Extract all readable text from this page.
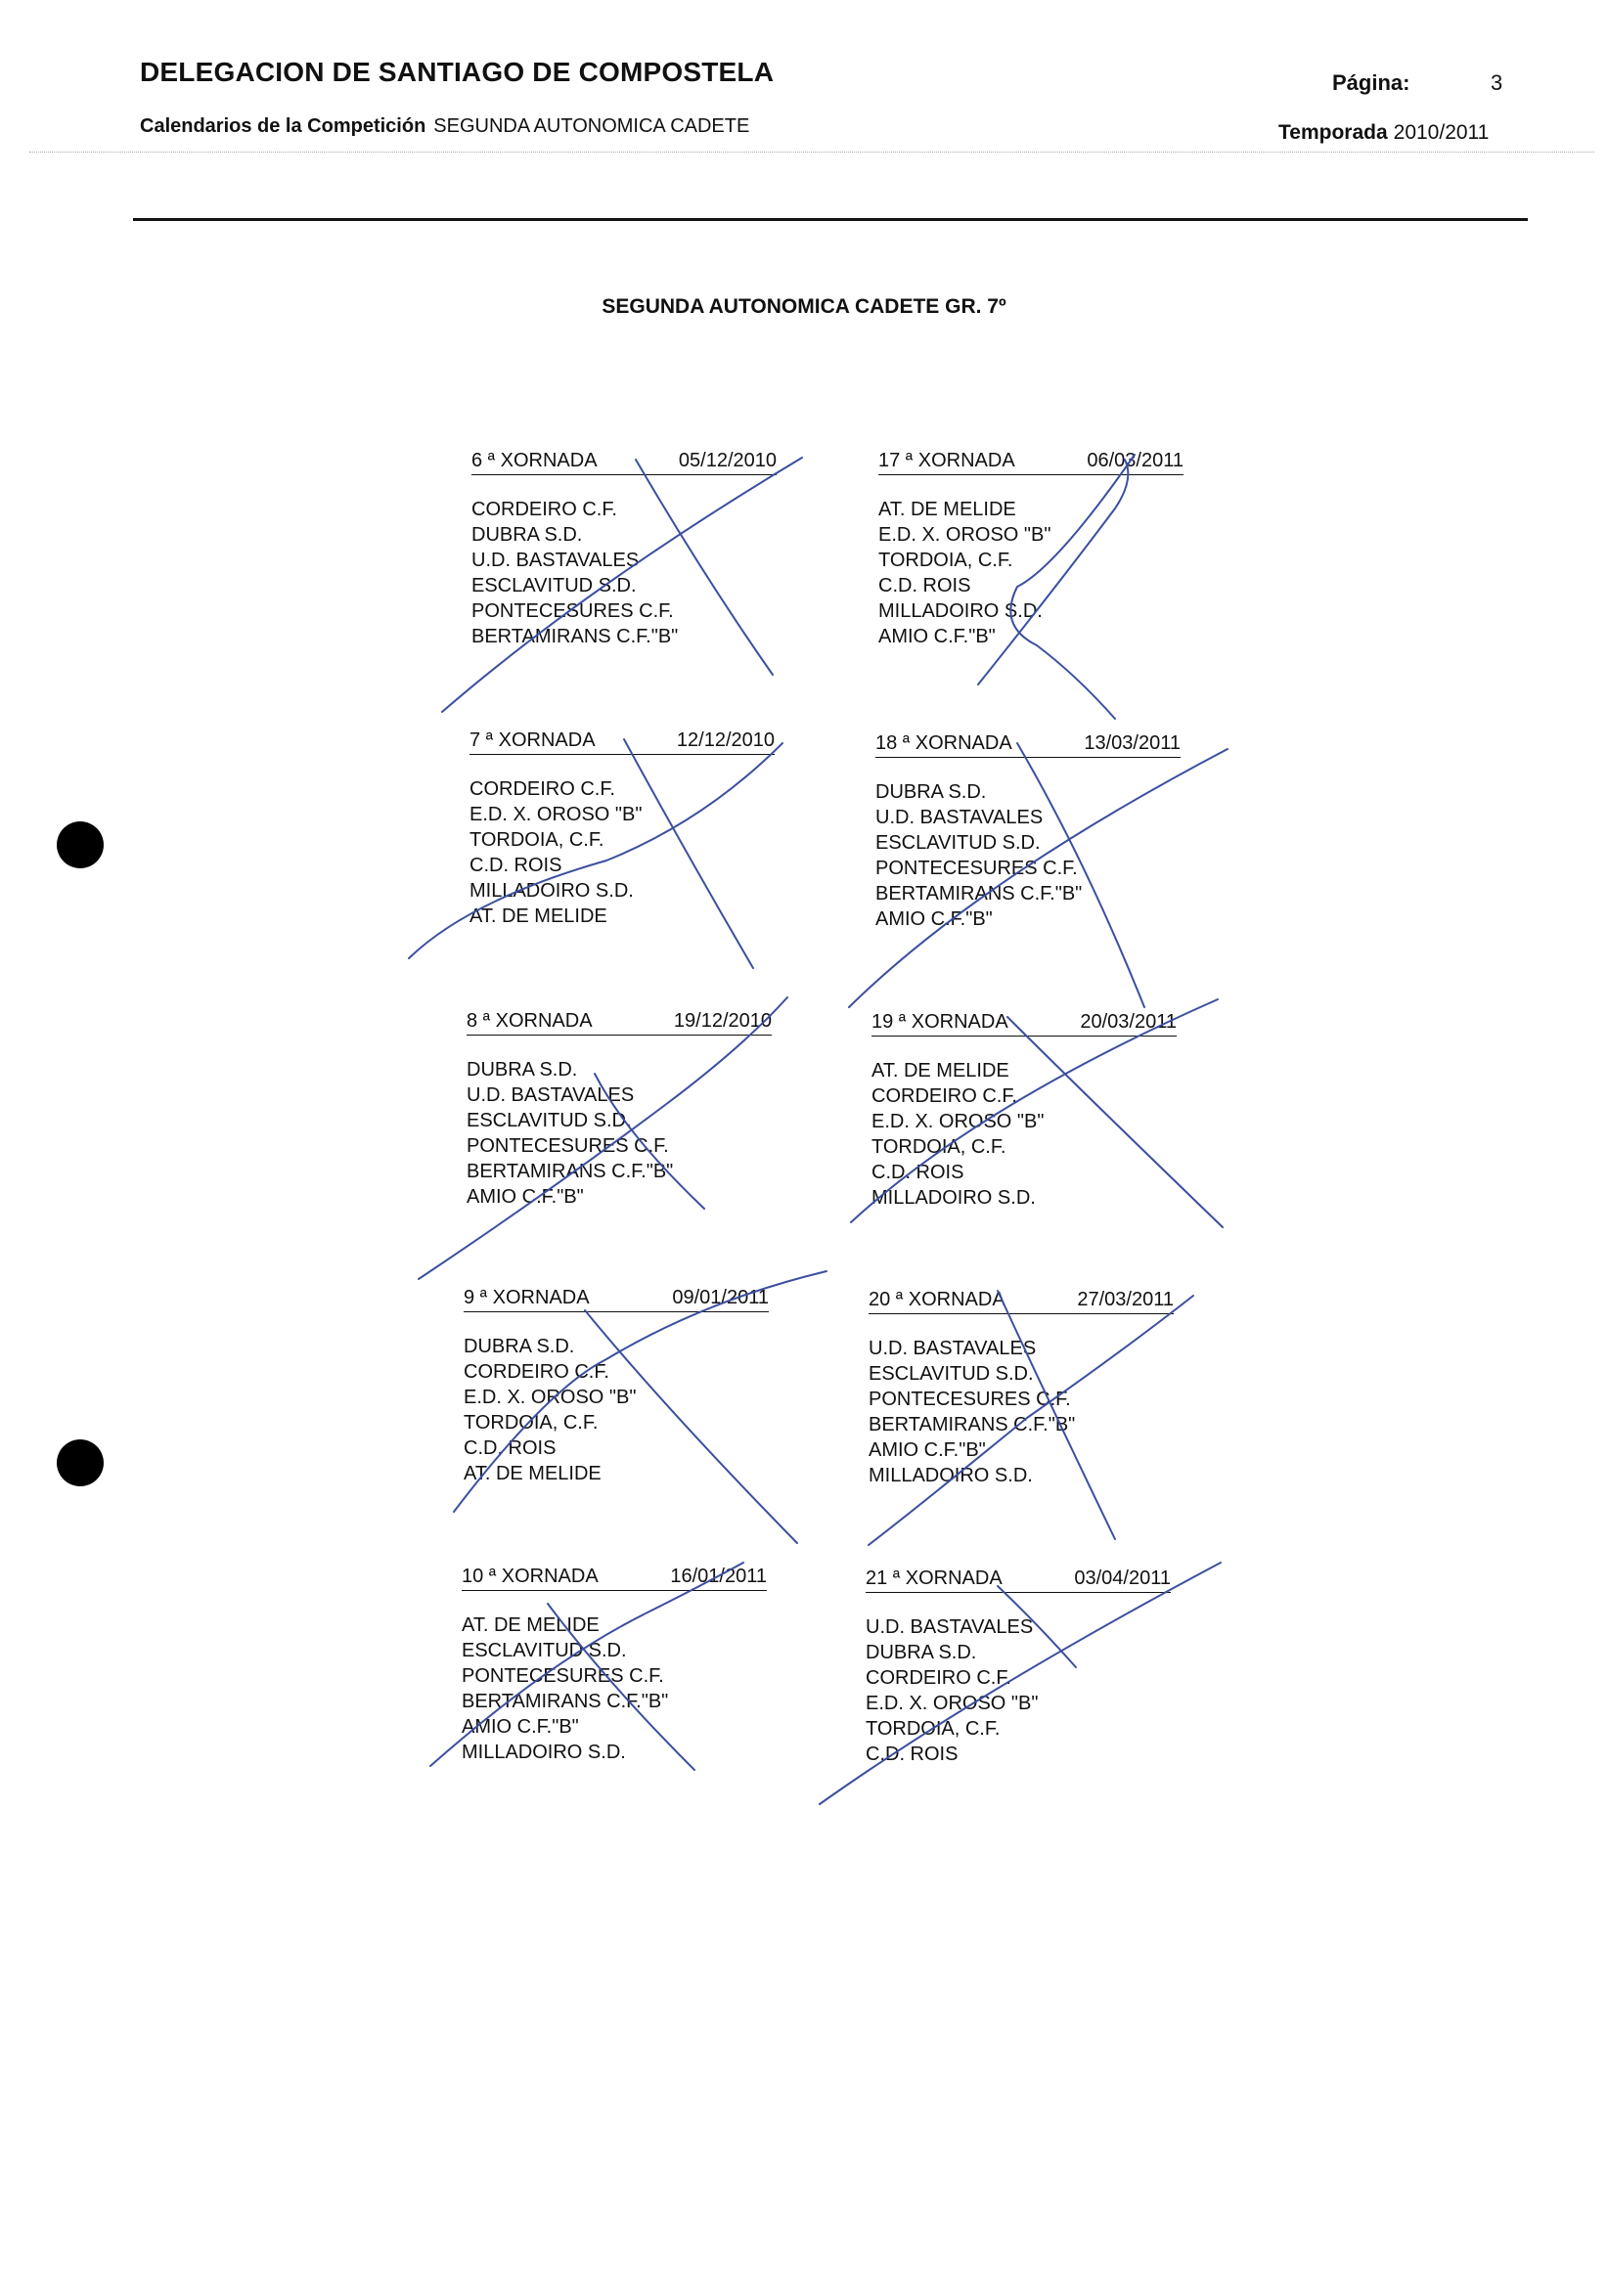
DELEGACION DE SANTIAGO DE COMPOSTELA
Calendarios de la Competición SEGUNDA AUTONOMICA CADETE
Página:	3
Temporada 2010/2011
SEGUNDA AUTONOMICA CADETE GR. 7º
6 ª XORNADA	05/12/2010
CORDEIRO C.F.
DUBRA S.D.
U.D. BASTAVALES
ESCLAVITUD S.D.
PONTECESURES C.F.
BERTAMIRANS C.F."B"
17 ª XORNADA	06/03/2011
AT. DE MELIDE
E.D. X. OROSO "B"
TORDOIA, C.F.
C.D. ROIS
MILLADOIRO S.D.
AMIO C.F."B"
7 ª XORNADA	12/12/2010
CORDEIRO C.F.
E.D. X. OROSO "B"
TORDOIA, C.F.
C.D. ROIS
MILLADOIRO S.D.
AT. DE MELIDE
18 ª XORNADA	13/03/2011
DUBRA S.D.
U.D. BASTAVALES
ESCLAVITUD S.D.
PONTECESURES C.F.
BERTAMIRANS C.F."B"
AMIO C.F."B"
8 ª XORNADA	19/12/2010
DUBRA S.D.
U.D. BASTAVALES
ESCLAVITUD S.D.
PONTECESURES C.F.
BERTAMIRANS C.F."B"
AMIO C.F."B"
19 ª XORNADA	20/03/2011
AT. DE MELIDE
CORDEIRO C.F.
E.D. X. OROSO "B"
TORDOIA, C.F.
C.D. ROIS
MILLADOIRO S.D.
9 ª XORNADA	09/01/2011
DUBRA S.D.
CORDEIRO C.F.
E.D. X. OROSO "B"
TORDOIA, C.F.
C.D. ROIS
AT. DE MELIDE
20 ª XORNADA	27/03/2011
U.D. BASTAVALES
ESCLAVITUD S.D.
PONTECESURES C.F.
BERTAMIRANS C.F."B"
AMIO C.F."B"
MILLADOIRO S.D.
10 ª XORNADA	16/01/2011
AT. DE MELIDE
ESCLAVITUD S.D.
PONTECESURES C.F.
BERTAMIRANS C.F."B"
AMIO C.F."B"
MILLADOIRO S.D.
21 ª XORNADA	03/04/2011
U.D. BASTAVALES
DUBRA S.D.
CORDEIRO C.F.
E.D. X. OROSO "B"
TORDOIA, C.F.
C.D. ROIS
